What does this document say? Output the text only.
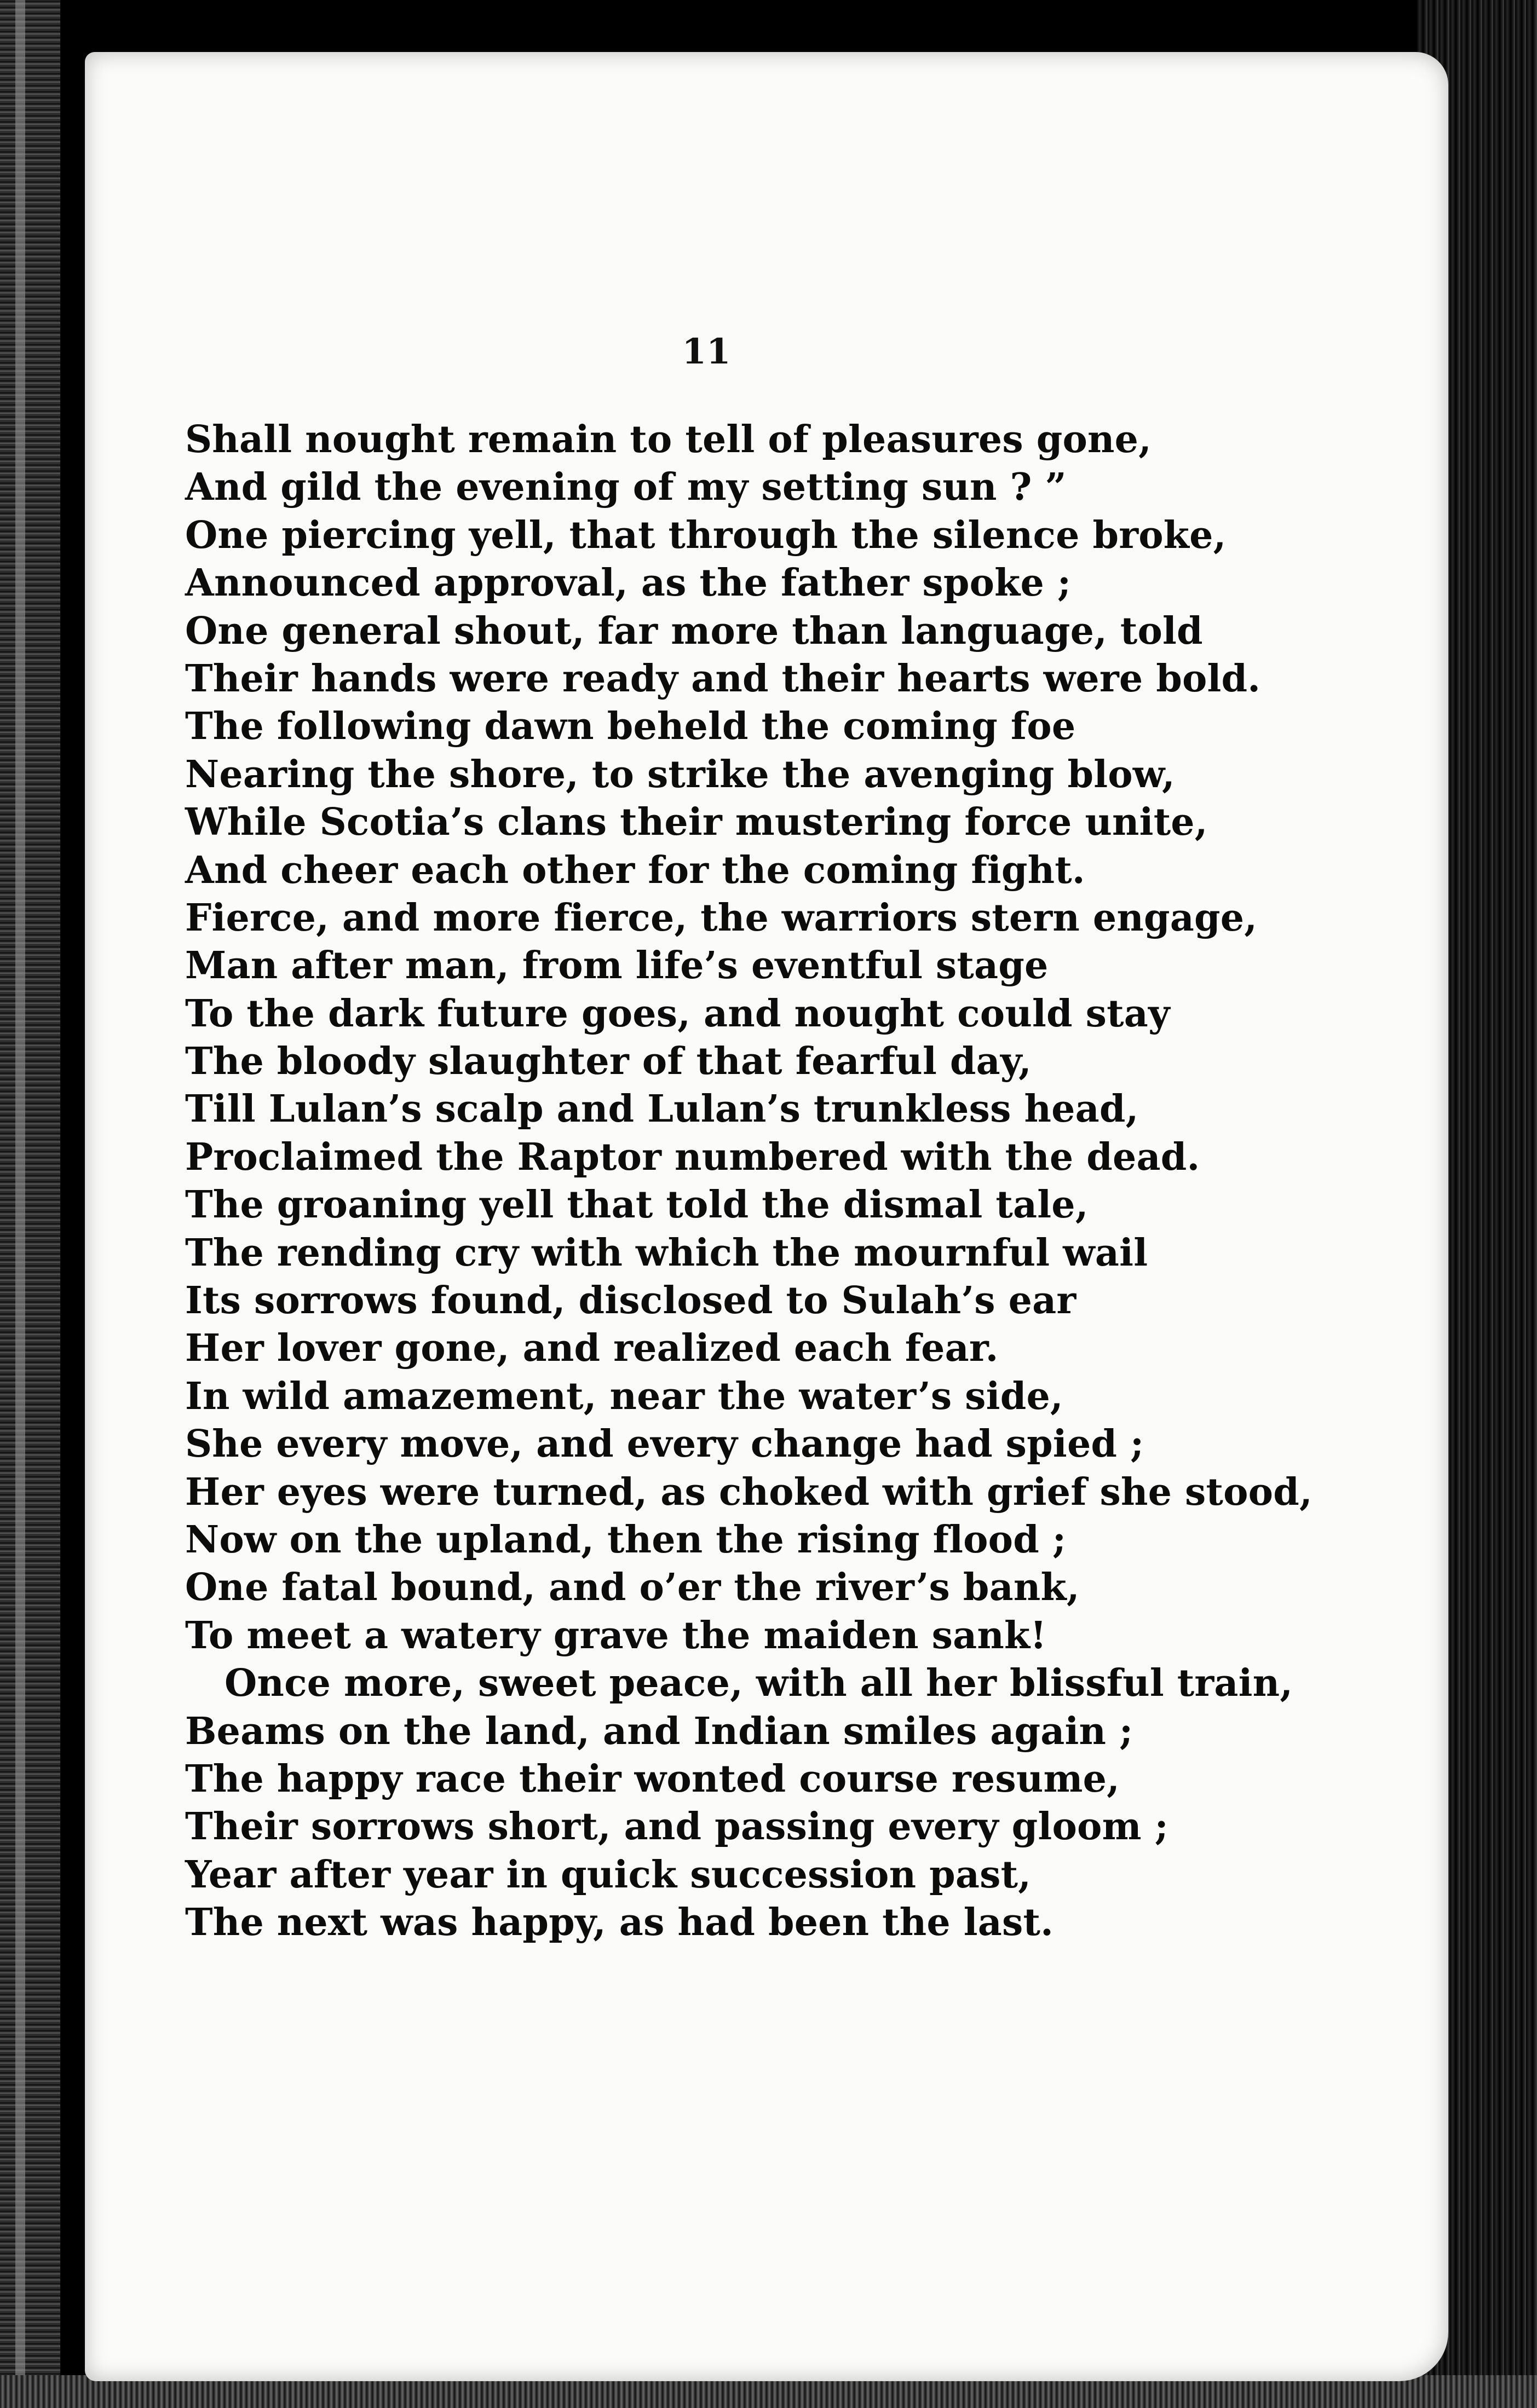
11
Shall nought remain to tell of pleasures gone,
And gild the evening of my setting sun ? ”
One piercing yell, that through the silence broke,
Announced approval, as the father spoke ;
One general shout, far more than language, told
Their hands were ready and their hearts were bold.
The following dawn beheld the coming foe
Nearing the shore, to strike the avenging blow,
While Scotia’s clans their mustering force unite,
And cheer each other for the coming fight.
Fierce, and more fierce, the warriors stern engage,
Man after man, from life’s eventful stage
To the dark future goes, and nought could stay
The bloody slaughter of that fearful day,
Till Lulan’s scalp and Lulan’s trunkless head,
Proclaimed the Raptor numbered with the dead.
The groaning yell that told the dismal tale,
The rending cry with which the mournful wail
Its sorrows found, disclosed to Sulah’s ear
Her lover gone, and realized each fear.
In wild amazement, near the water’s side,
She every move, and every change had spied ;
Her eyes were turned, as choked with grief she stood,
Now on the upland, then the rising flood ;
One fatal bound, and o’er the river’s bank,
To meet a watery grave the maiden sank!
Once more, sweet peace, with all her blissful train,
Beams on the land, and Indian smiles again ;
The happy race their wonted course resume,
Their sorrows short, and passing every gloom ;
Year after year in quick succession past,
The next was happy, as had been the last.
